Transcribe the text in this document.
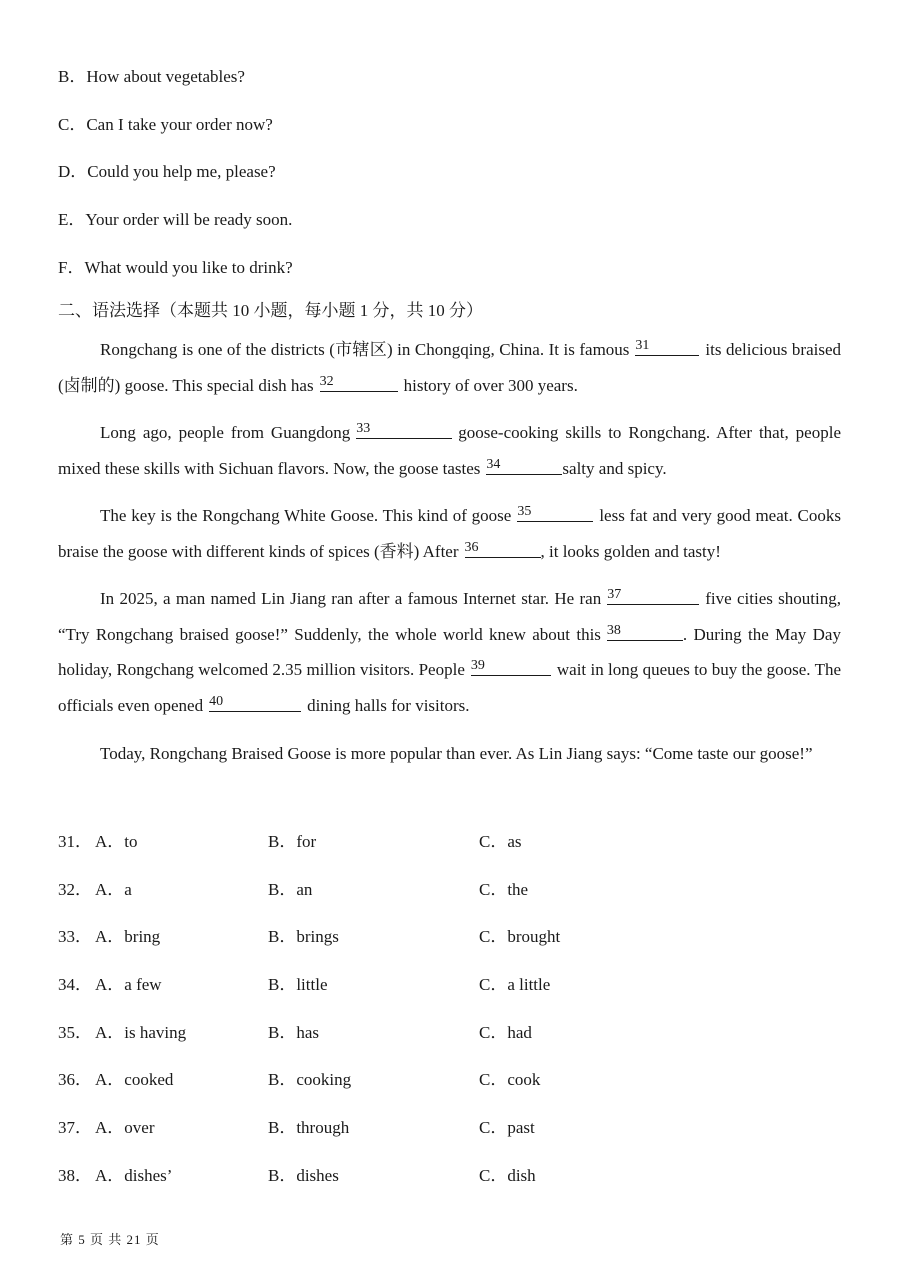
B．How about vegetables?
C．Can I take your order now?
D．Could you help me, please?
E．Your order will be ready soon.
F．What would you like to drink?
二、语法选择（本题共 10 小题，每小题 1 分，共 10 分）
Rongchang is one of the districts (市辖区) in Chongqing, China. It is famous 31	its delicious braised (卤制的) goose. This special dish has 32	history of over 300 years.
Long ago, people from Guangdong 33	goose-cooking skills to Rongchang. After that, people mixed these skills with Sichuan flavors. Now, the goose tastes 34	salty and spicy.
The key is the Rongchang White Goose. This kind of goose 35	less fat and very good meat. Cooks braise the goose with different kinds of spices (香料) After 36	, it looks golden and tasty!
In 2025, a man named Lin Jiang ran after a famous Internet star. He ran 37	five cities shouting, “Try Rongchang braised goose!” Suddenly, the whole world knew about this 38	. During the May Day holiday, Rongchang welcomed 2.35 million visitors. People 39	wait in long queues to buy the goose. The officials even opened 40	dining halls for visitors.
Today, Rongchang Braised Goose is more popular than ever. As Lin Jiang says: “Come taste our goose!”
31． A．to	B．for	C．as
32． A．a	B．an	C．the
33． A．bring	B．brings	C．brought
34． A．a few	B．little	C．a little
35． A．is having	B．has	C．had
36． A．cooked	B．cooking	C．cook
37． A．over	B．through	C．past
38． A．dishes’	B．dishes	C．dish
第 5 页 共 21 页
